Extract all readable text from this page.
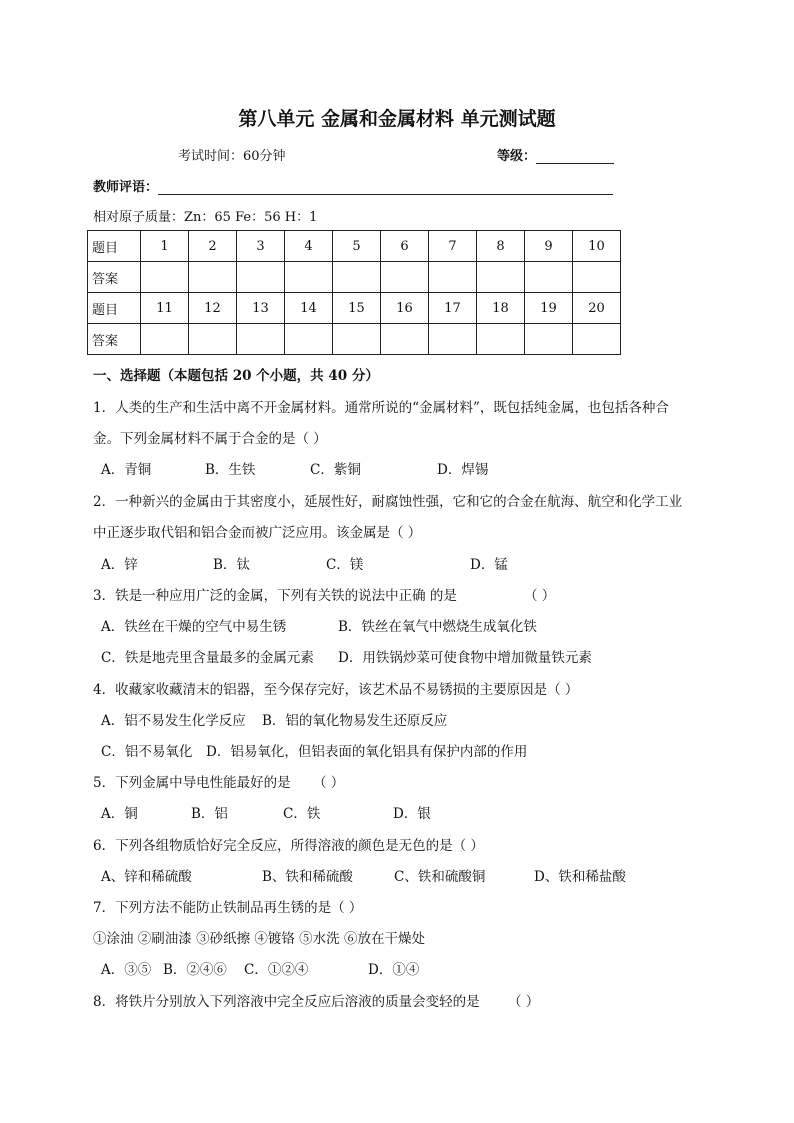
第八单元 金属和金属材料 单元测试题
考试时间：60分钟	等级：
教师评语：
相对原子质量：Zn：65 Fe：56 H：1
题目	1	2	3	4	5	6	7	8	9	10
答案										
题目	11	12	13	14	15	16	17	18	19	20
答案										
一、选择题（本题包括 20 个小题，共 40 分）
1．人类的生产和生活中离不开金属材料。通常所说的“金属材料”，既包括纯金属，也包括各种合
金。下列金属材料不属于合金的是（ ）
A．青铜	B．生铁	C．紫铜	D．焊锡
2．一种新兴的金属由于其密度小，延展性好，耐腐蚀性强，它和它的合金在航海、航空和化学工业
中正逐步取代铝和铝合金而被广泛应用。该金属是（ ）
A．锌	B．钛	C．镁	D．锰
3．铁是一种应用广泛的金属，下列有关铁的说法中正确 的是	（ ）
A．铁丝在干燥的空气中易生锈	B．铁丝在氧气中燃烧生成氧化铁
C．铁是地壳里含量最多的金属元素 D．用铁锅炒菜可使食物中增加微量铁元素
4．收藏家收藏清末的铝器，至今保存完好，该艺术品不易锈损的主要原因是（ ）
A．铝不易发生化学反应 B．铝的氧化物易发生还原反应
C．铝不易氧化 D．铝易氧化，但铝表面的氧化铝具有保护内部的作用
5．下列金属中导电性能最好的是 （ ）
A．铜	B．铝	C．铁	D．银
6．下列各组物质恰好完全反应，所得溶液的颜色是无色的是（ ）
A、锌和稀硫酸	B、铁和稀硫酸	C、铁和硫酸铜	D、铁和稀盐酸
7．下列方法不能防止铁制品再生锈的是（ ）
①涂油 ②刷油漆 ③砂纸擦 ④镀铬 ⑤水洗 ⑥放在干燥处
A．③⑤ B．②④⑥ C．①②④	D．①④
8．将铁片分别放入下列溶液中完全反应后溶液的质量会变轻的是 （ ）
